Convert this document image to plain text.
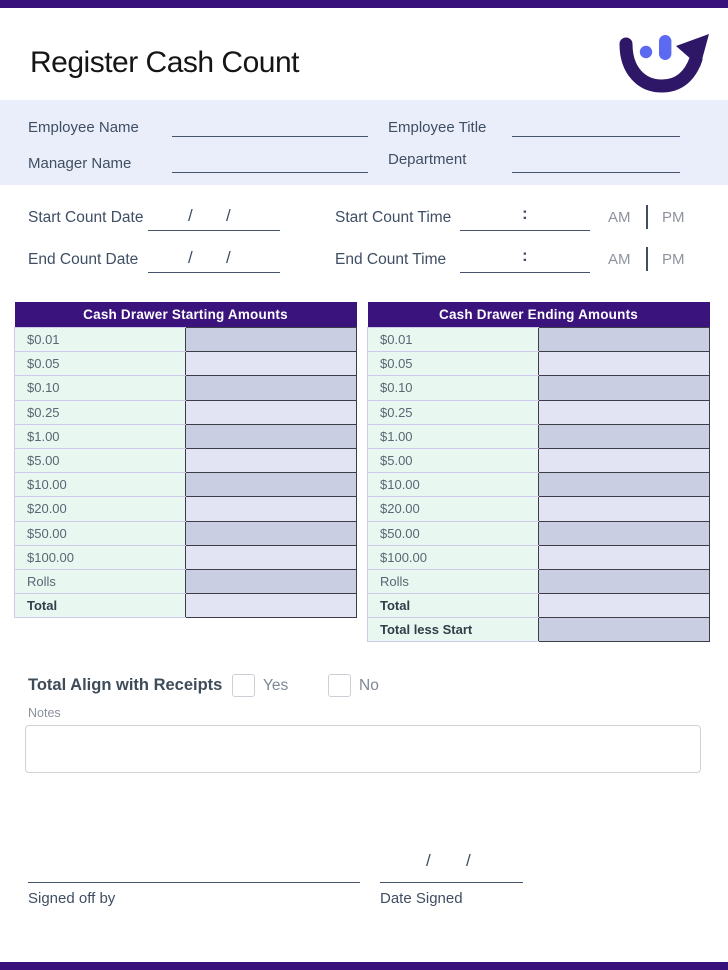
Register Cash Count
Employee Name	Employee Title
Manager Name	Department
Start Count Date	/ /	Start Count Time	:	AM PM
End Count Date	/ /	End Count Time	:	AM PM
Cash Drawer Starting Amounts	
$0.01	
$0.05	
$0.10	
$0.25	
$1.00	
$5.00	
$10.00	
$20.00	
$50.00	
$100.00	
Rolls	
Total	
Cash Drawer Ending Amounts	
$0.01	
$0.05	
$0.10	
$0.25	
$1.00	
$5.00	
$10.00	
$20.00	
$50.00	
$100.00	
Rolls	
Total	
Total less Start	
Total Align with Receipts	Yes	No
Notes
Signed off by
/ /
Date Signed
